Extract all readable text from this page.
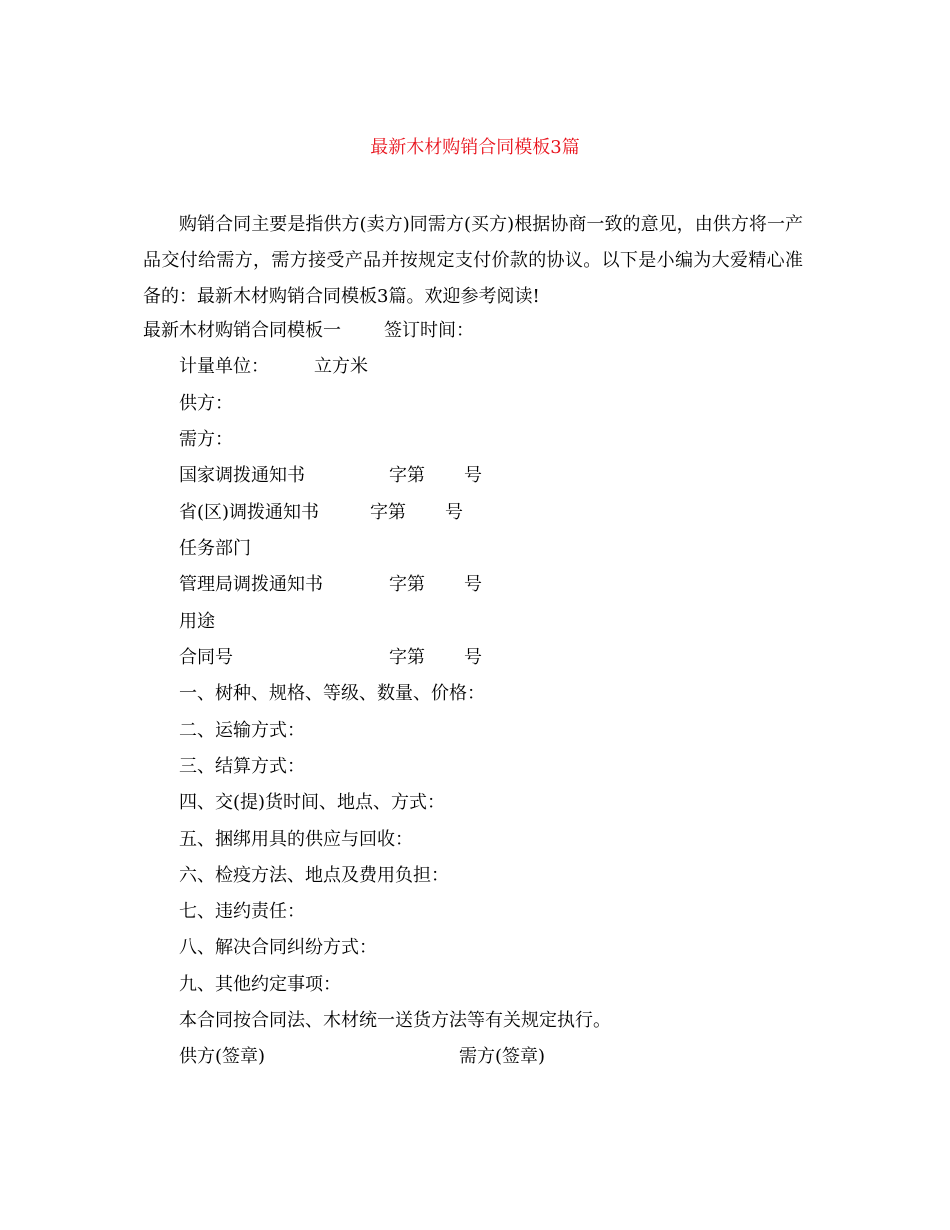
最新木材购销合同模板3篇

购销合同主要是指供方(卖方)同需方(买方)根据协商一致的意见，由供方将一产品交付给需方，需方接受产品并按规定支付价款的协议。以下是小编为大爱精心准备的：最新木材购销合同模板3篇。欢迎参考阅读!

最新木材购销合同模板一 签订时间：
计量单位：	立方米
供方：
需方：
国家调拨通知书	字第 号
省(区)调拨通知书	字第 号
任务部门
管理局调拨通知书	字第 号
用途
合同号	字第 号
一、树种、规格、等级、数量、价格：
二、运输方式：
三、结算方式：
四、交(提)货时间、地点、方式：
五、捆绑用具的供应与回收：
六、检疫方法、地点及费用负担：
七、违约责任：
八、解决合同纠纷方式：
九、其他约定事项：
本合同按合同法、木材统一送货方法等有关规定执行。
供方(签章)	需方(签章)
